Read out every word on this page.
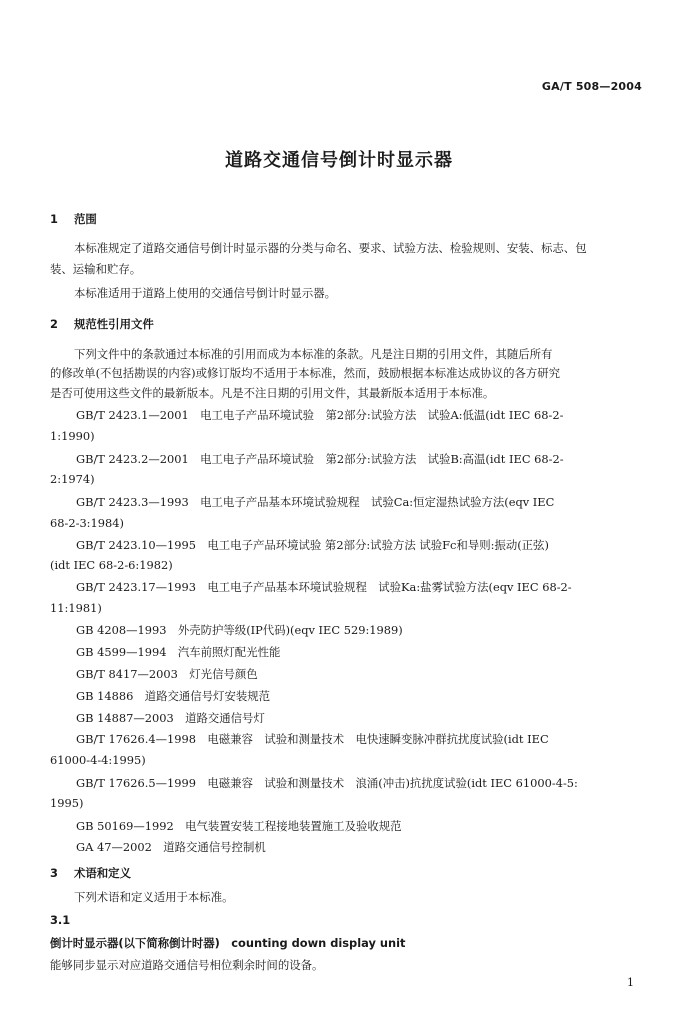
GA/T 508—2004
道路交通信号倒计时显示器
1 范围
本标准规定了道路交通信号倒计时显示器的分类与命名、要求、试验方法、检验规则、安装、标志、包
装、运输和贮存。
本标准适用于道路上使用的交通信号倒计时显示器。
2 规范性引用文件
下列文件中的条款通过本标准的引用而成为本标准的条款。凡是注日期的引用文件，其随后所有
的修改单(不包括勘误的内容)或修订版均不适用于本标准，然而，鼓励根据本标准达成协议的各方研究
是否可使用这些文件的最新版本。凡是不注日期的引用文件，其最新版本适用于本标准。
GB/T 2423.1—2001　电工电子产品环境试验　第2部分:试验方法　试验A:低温(idt IEC 68-2-
1:1990)
GB/T 2423.2—2001　电工电子产品环境试验　第2部分:试验方法　试验B:高温(idt IEC 68-2-
2:1974)
GB/T 2423.3—1993　电工电子产品基本环境试验规程　试验Ca:恒定湿热试验方法(eqv IEC
68-2-3:1984)
GB/T 2423.10—1995　电工电子产品环境试验 第2部分:试验方法 试验Fc和导则:振动(正弦)
(idt IEC 68-2-6:1982)
GB/T 2423.17—1993　电工电子产品基本环境试验规程　试验Ka:盐雾试验方法(eqv IEC 68-2-
11:1981)
GB 4208—1993　外壳防护等级(IP代码)(eqv IEC 529:1989)
GB 4599—1994　汽车前照灯配光性能
GB/T 8417—2003　灯光信号颜色
GB 14886　道路交通信号灯安装规范
GB 14887—2003　道路交通信号灯
GB/T 17626.4—1998　电磁兼容　试验和测量技术　电快速瞬变脉冲群抗扰度试验(idt IEC
61000-4-4:1995)
GB/T 17626.5—1999　电磁兼容　试验和测量技术　浪涌(冲击)抗扰度试验(idt IEC 61000-4-5:
1995)
GB 50169—1992　电气装置安装工程接地装置施工及验收规范
GA 47—2002　道路交通信号控制机
3 术语和定义
下列术语和定义适用于本标准。
3.1
倒计时显示器(以下简称倒计时器)　counting down display unit
能够同步显示对应道路交通信号相位剩余时间的设备。
1
